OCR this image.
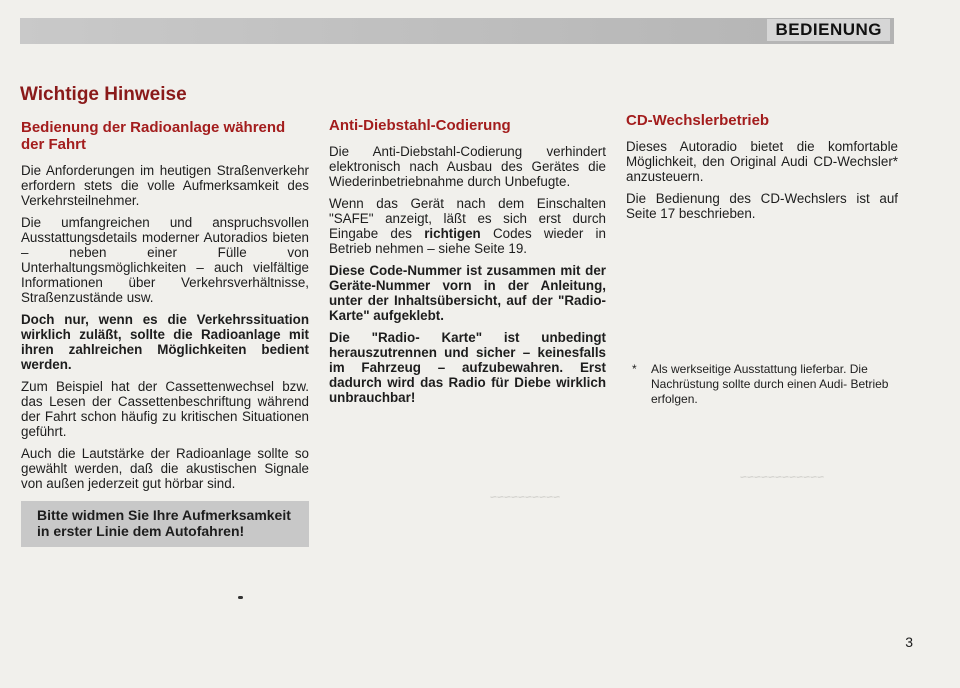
BEDIENUNG
Wichtige Hinweise
Bedienung der Radioanlage während der Fahrt

Die Anforderungen im heutigen Straßenverkehr erfordern stets die volle Aufmerksamkeit des Verkehrsteilnehmer.

Die umfangreichen und anspruchsvollen Ausstattungsdetails moderner Autoradios bieten – neben einer Fülle von Unterhaltungsmöglichkeiten – auch vielfältige Informationen über Verkehrsverhältnisse, Straßenzustände usw.

Doch nur, wenn es die Verkehrssituation wirklich zuläßt, sollte die Radioanlage mit ihren zahlreichen Möglichkeiten bedient werden.

Zum Beispiel hat der Cassettenwechsel bzw. das Lesen der Cassettenbeschriftung während der Fahrt schon häufig zu kritischen Situationen geführt.

Auch die Lautstärke der Radioanlage sollte so gewählt werden, daß die akustischen Signale von außen jederzeit gut hörbar sind.

Bitte widmen Sie Ihre Aufmerksamkeit in erster Linie dem Autofahren!
Anti-Diebstahl-Codierung

Die Anti-Diebstahl-Codierung verhindert elektronisch nach Ausbau des Gerätes die Wiederinbetriebnahme durch Unbefugte.

Wenn das Gerät nach dem Einschalten "SAFE" anzeigt, läßt es sich erst durch Eingabe des richtigen Codes wieder in Betrieb nehmen – siehe Seite 19.

Diese Code-Nummer ist zusammen mit der Geräte-Nummer vorn in der Anleitung, unter der Inhaltsübersicht, auf der "Radio-Karte" aufgeklebt.

Die "Radio- Karte" ist unbedingt herauszutrennen und sicher – keinesfalls im Fahrzeug – aufzubewahren. Erst dadurch wird das Radio für Diebe wirklich unbrauchbar!

CD-Wechslerbetrieb

Dieses Autoradio bietet die komfortable Möglichkeit, den Original Audi CD-Wechsler* anzusteuern.

Die Bedienung des CD-Wechslers ist auf Seite 17 beschrieben.

*	Als werkseitige Ausstattung lieferbar. Die Nachrüstung sollte durch einen Audi- Betrieb erfolgen.
~~~~~~~~~~~~
~~~~~~~~~~
3
